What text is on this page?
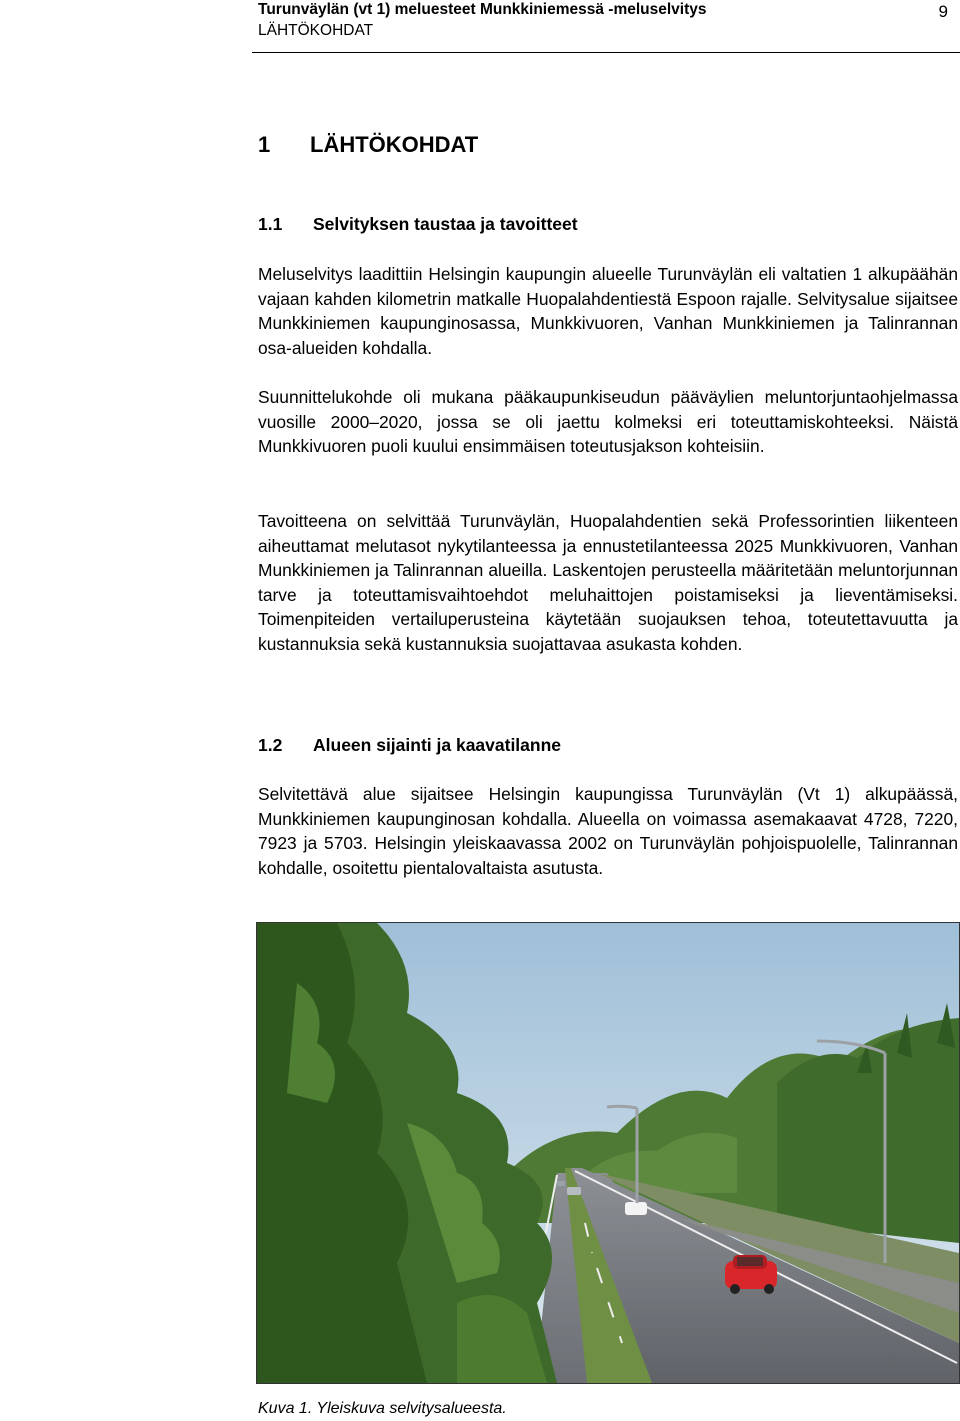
Turunväylän (vt 1) meluesteet Munkkiniemessä -meluselvitys
LÄHTÖKOHDAT
9
1 LÄHTÖKOHDAT
1.1 Selvityksen taustaa ja tavoitteet

Meluselvitys laadittiin Helsingin kaupungin alueelle Turunväylän eli valtatien 1 alkupäähän vajaan kahden kilometrin matkalle Huopalahdentiestä Espoon rajalle. Selvitysalue sijaitsee Munkkiniemen kaupunginosassa, Munkkivuoren, Vanhan Munkkiniemen ja Talinrannan osa-alueiden kohdalla.

Suunnittelukohde oli mukana pääkaupunkiseudun pääväylien meluntorjuntaohjelmassa vuosille 2000–2020, jossa se oli jaettu kolmeksi eri toteuttamiskohteeksi. Näistä Munkkivuoren puoli kuului ensimmäisen toteutusjakson kohteisiin.

Tavoitteena on selvittää Turunväylän, Huopalahdentien sekä Professorintien liikenteen aiheuttamat melutasot nykytilanteessa ja ennustetilanteessa 2025 Munkkivuoren, Vanhan Munkkiniemen ja Talinrannan alueilla. Laskentojen perusteella määritetään meluntorjunnan tarve ja toteuttamisvaihtoehdot meluhaittojen poistamiseksi ja lieventämiseksi. Toimenpiteiden vertailuperusteina käytetään suojauksen tehoa, toteutettavuutta ja kustannuksia sekä kustannuksia suojattavaa asukasta kohden.

1.2 Alueen sijainti ja kaavatilanne

Selvitettävä alue sijaitsee Helsingin kaupungissa Turunväylän (Vt 1) alkupäässä, Munkkiniemen kaupunginosan kohdalla. Alueella on voimassa asemakaavat 4728, 7220, 7923 ja 5703. Helsingin yleiskaavassa 2002 on Turunväylän pohjoispuolelle, Talinrannan kohdalle, osoitettu pientalovaltaista asutusta.

Kuva 1. Yleiskuva selvitysalueesta.
